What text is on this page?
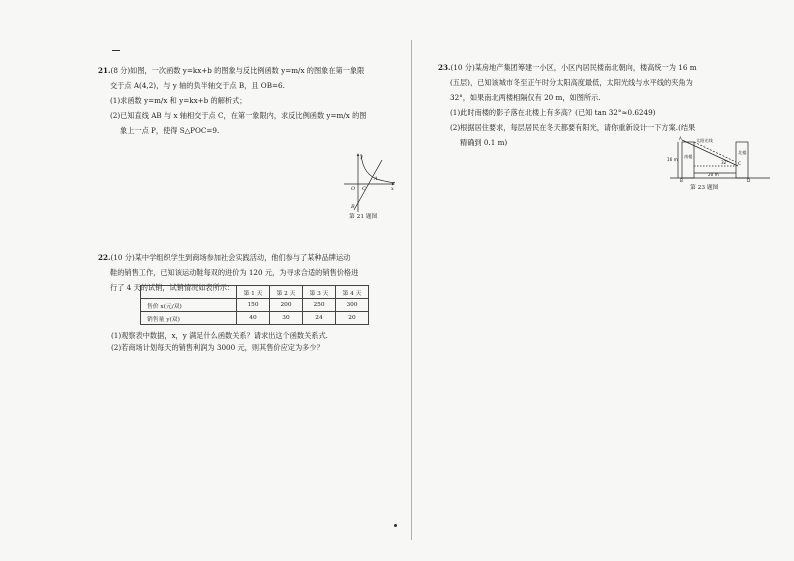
21.(8 分)如图，一次函数 y=kx+b 的图象与反比例函数 y=m/x 的图象在第一象限

交于点 A(4,2)，与 y 轴的负半轴交于点 B，且 OB=6.

(1)求函数 y=m/x 和 y=kx+b 的解析式；

(2)已知直线 AB 与 x 轴相交于点 C，在第一象限内，求反比例函数 y=m/x 的图

象上一点 P，使得 S△POC=9.

y
x
O C
A
B
第 21 题图

22.(10 分)某中学组织学生到商场参加社会实践活动，他们参与了某种品牌运动

鞋的销售工作，已知该运动鞋每双的进价为 120 元，为寻求合适的销售价格进

行了 4 天的试销，试销情况如表所示：

	第 1 天	第 2 天	第 3 天	第 4 天
售价 x(元/双)	150	200	250	300
销售量 y(双)	40	30	24	20

(1)观察表中数据，x，y 满足什么函数关系？请求出这个函数关系式.

(2)若商场计划每天的销售利润为 3000 元，则其售价应定为多少？

23.(10 分)某房地产集团筹建一小区，小区内居民楼南北朝向，楼高统一为 16 m

(五层)，已知该城市冬至正午时分太阳高度最低，太阳光线与水平线的夹角为

32°，如果南北两楼相隔仅有 20 m，如图所示.

(1)此时南楼的影子落在北楼上有多高？(已知 tan 32°≈0.6249)

(2)根据居住要求，每层居民在冬天都要有阳光，请你重新设计一下方案.(结果

精确到 0.1 m)	太阳光线
南楼
北楼
16 m
20 m
32°
A
B
C
D
第 23 题图
